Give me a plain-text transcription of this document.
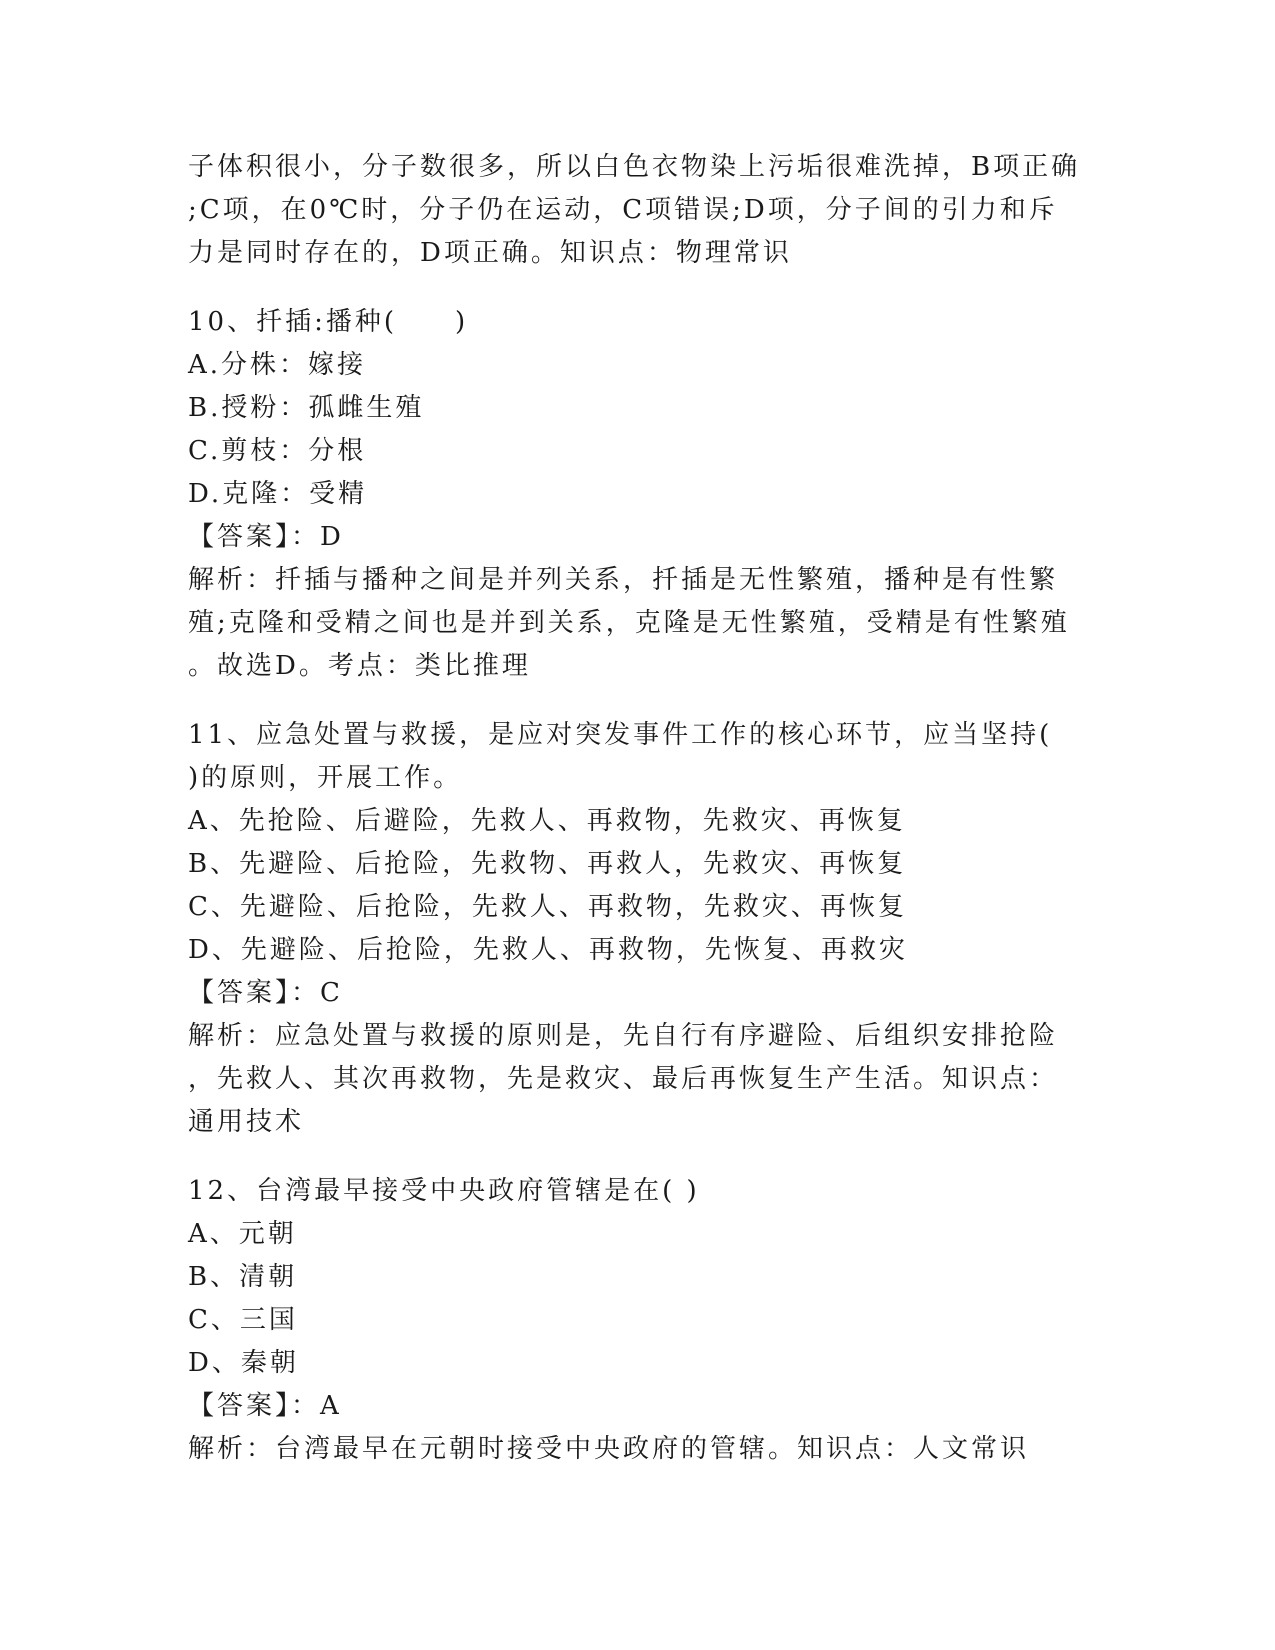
子体积很小，分子数很多，所以白色衣物染上污垢很难洗掉，B项正确
;C项，在0℃时，分子仍在运动，C项错误;D项，分子间的引力和斥
力是同时存在的，D项正确。知识点：物理常识
10、扦插:播种(　　)
A.分株：嫁接
B.授粉：孤雌生殖
C.剪枝：分根
D.克隆：受精
【答案】：D
解析：扦插与播种之间是并列关系，扦插是无性繁殖，播种是有性繁
殖;克隆和受精之间也是并到关系，克隆是无性繁殖，受精是有性繁殖
。故选D。考点：类比推理
11、应急处置与救援，是应对突发事件工作的核心环节，应当坚持(
)的原则，开展工作。
A、先抢险、后避险，先救人、再救物，先救灾、再恢复
B、先避险、后抢险，先救物、再救人，先救灾、再恢复
C、先避险、后抢险，先救人、再救物，先救灾、再恢复
D、先避险、后抢险，先救人、再救物，先恢复、再救灾
【答案】：C
解析：应急处置与救援的原则是，先自行有序避险、后组织安排抢险
，先救人、其次再救物，先是救灾、最后再恢复生产生活。知识点：
通用技术
12、台湾最早接受中央政府管辖是在( )
A、元朝
B、清朝
C、三国
D、秦朝
【答案】：A
解析：台湾最早在元朝时接受中央政府的管辖。知识点：人文常识
